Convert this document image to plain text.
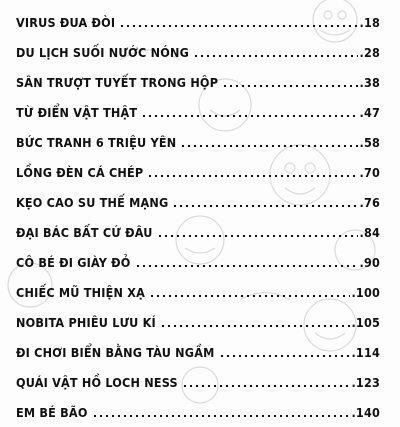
VIRUS ĐUA ĐÒI	.18
DU LỊCH SUỐI NƯỚC NÓNG	.28
SÂN TRƯỢT TUYẾT TRONG HỘP	.38
TỪ ĐIỂN VẬT THẬT	.47
BỨC TRANH 6 TRIỆU YÊN	.58
LỒNG ĐÈN CÁ CHÉP	.70
KẸO CAO SU THẾ MẠNG	.76
ĐẠI BÁC BẤT CỨ ĐÂU	.84
CÔ BÉ ĐI GIÀY ĐỎ	.90
CHIẾC MŨ THIỆN XẠ	.100
NOBITA PHIÊU LƯU KÍ	.105
ĐI CHƠI BIỂN BẰNG TÀU NGẦM	.114
QUÁI VẬT HỒ LOCH NESS	.123
EM BÉ BÃO	.140
